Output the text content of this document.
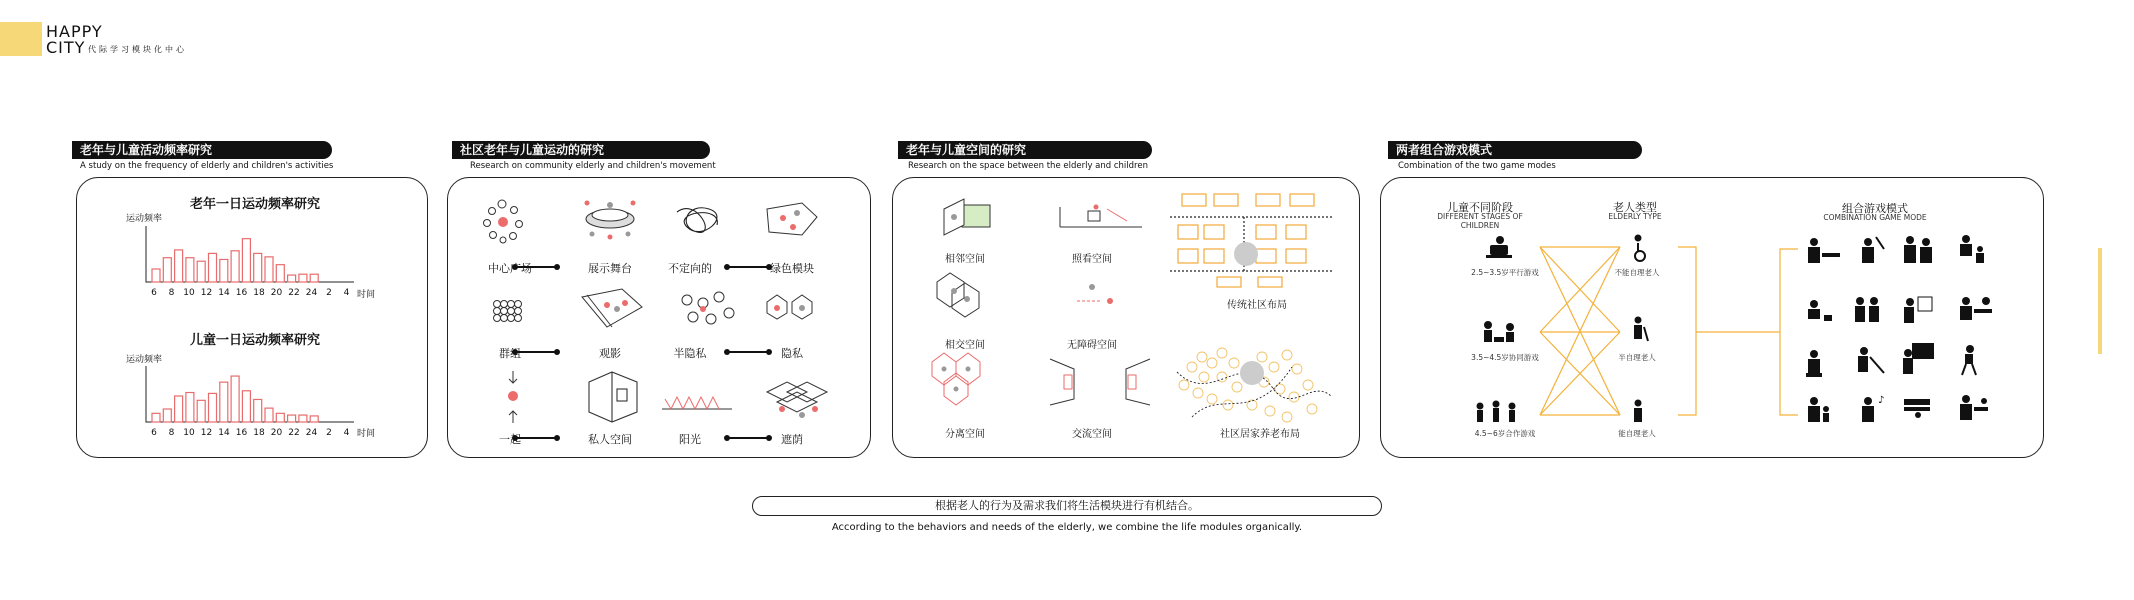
HAPPY
CITY 代际学习模块化中心
老年与儿童活动频率研究
A study on the frequency of elderly and children's activities
社区老年与儿童运动的研究
Research on community elderly and children's movement
老年与儿童空间的研究
Research on the space between the elderly and children
两者组合游戏模式
Combination of the two game modes
老年一日运动频率研究
运动频率
6 8 10 12 14 16 18 20 22 24 2 4 时间
儿童一日运动频率研究
运动频率
6 8 10 12 14 16 18 20 22 24 2 4 时间
中心广场	展示舞台	不定向的	绿色模块
群组	观影	半隐私	隐私
一起	私人空间	阳光	遮荫
相邻空间	照看空间
相交空间	无障碍空间
分离空间	交流空间
传统社区布局
社区居家养老布局
儿童不同阶段
DIFFERENT STAGES OF CHILDREN
老人类型
ELDERLY TYPE
组合游戏模式
COMBINATION GAME MODE
♪
2.5~3.5岁平行游戏
3.5~4.5岁协同游戏
4.5~6岁合作游戏
不能自理老人
半自理老人
能自理老人
根据老人的行为及需求我们将生活模块进行有机结合。
According to the behaviors and needs of the elderly, we combine the life modules organically.
